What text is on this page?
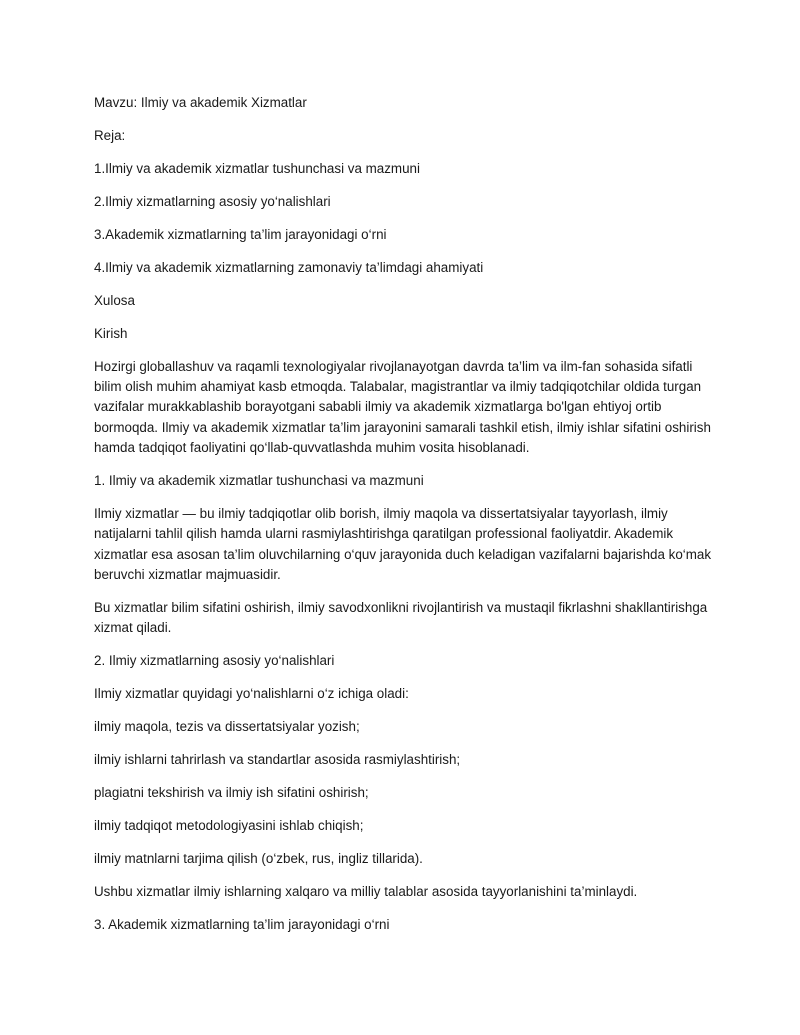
Mavzu: Ilmiy va akademik Xizmatlar

Reja:

1.Ilmiy va akademik xizmatlar tushunchasi va mazmuni

2.Ilmiy xizmatlarning asosiy yo‘nalishlari

3.Akademik xizmatlarning ta’lim jarayonidagi o‘rni

4.Ilmiy va akademik xizmatlarning zamonaviy ta’limdagi ahamiyati

Xulosa

Kirish

Hozirgi globallashuv va raqamli texnologiyalar rivojlanayotgan davrda ta’lim va ilm-fan sohasida sifatli bilim olish muhim ahamiyat kasb etmoqda. Talabalar, magistrantlar va ilmiy tadqiqotchilar oldida turgan vazifalar murakkablashib borayotgani sababli ilmiy va akademik xizmatlarga bo'lgan ehtiyoj ortib bormoqda. Ilmiy va akademik xizmatlar ta’lim jarayonini samarali tashkil etish, ilmiy ishlar sifatini oshirish hamda tadqiqot faoliyatini qo‘llab-quvvatlashda muhim vosita hisoblanadi.

1. Ilmiy va akademik xizmatlar tushunchasi va mazmuni

Ilmiy xizmatlar — bu ilmiy tadqiqotlar olib borish, ilmiy maqola va dissertatsiyalar tayyorlash, ilmiy natijalarni tahlil qilish hamda ularni rasmiylashtirishga qaratilgan professional faoliyatdir. Akademik xizmatlar esa asosan ta’lim oluvchilarning o‘quv jarayonida duch keladigan vazifalarni bajarishda ko‘mak beruvchi xizmatlar majmuasidir.

Bu xizmatlar bilim sifatini oshirish, ilmiy savodxonlikni rivojlantirish va mustaqil fikrlashni shakllantirishga xizmat qiladi.

2. Ilmiy xizmatlarning asosiy yo‘nalishlari

Ilmiy xizmatlar quyidagi yo‘nalishlarni o‘z ichiga oladi:

ilmiy maqola, tezis va dissertatsiyalar yozish;

ilmiy ishlarni tahrirlash va standartlar asosida rasmiylashtirish;

plagiatni tekshirish va ilmiy ish sifatini oshirish;

ilmiy tadqiqot metodologiyasini ishlab chiqish;

ilmiy matnlarni tarjima qilish (o‘zbek, rus, ingliz tillarida).

Ushbu xizmatlar ilmiy ishlarning xalqaro va milliy talablar asosida tayyorlanishini ta’minlaydi.

3. Akademik xizmatlarning ta’lim jarayonidagi o‘rni
